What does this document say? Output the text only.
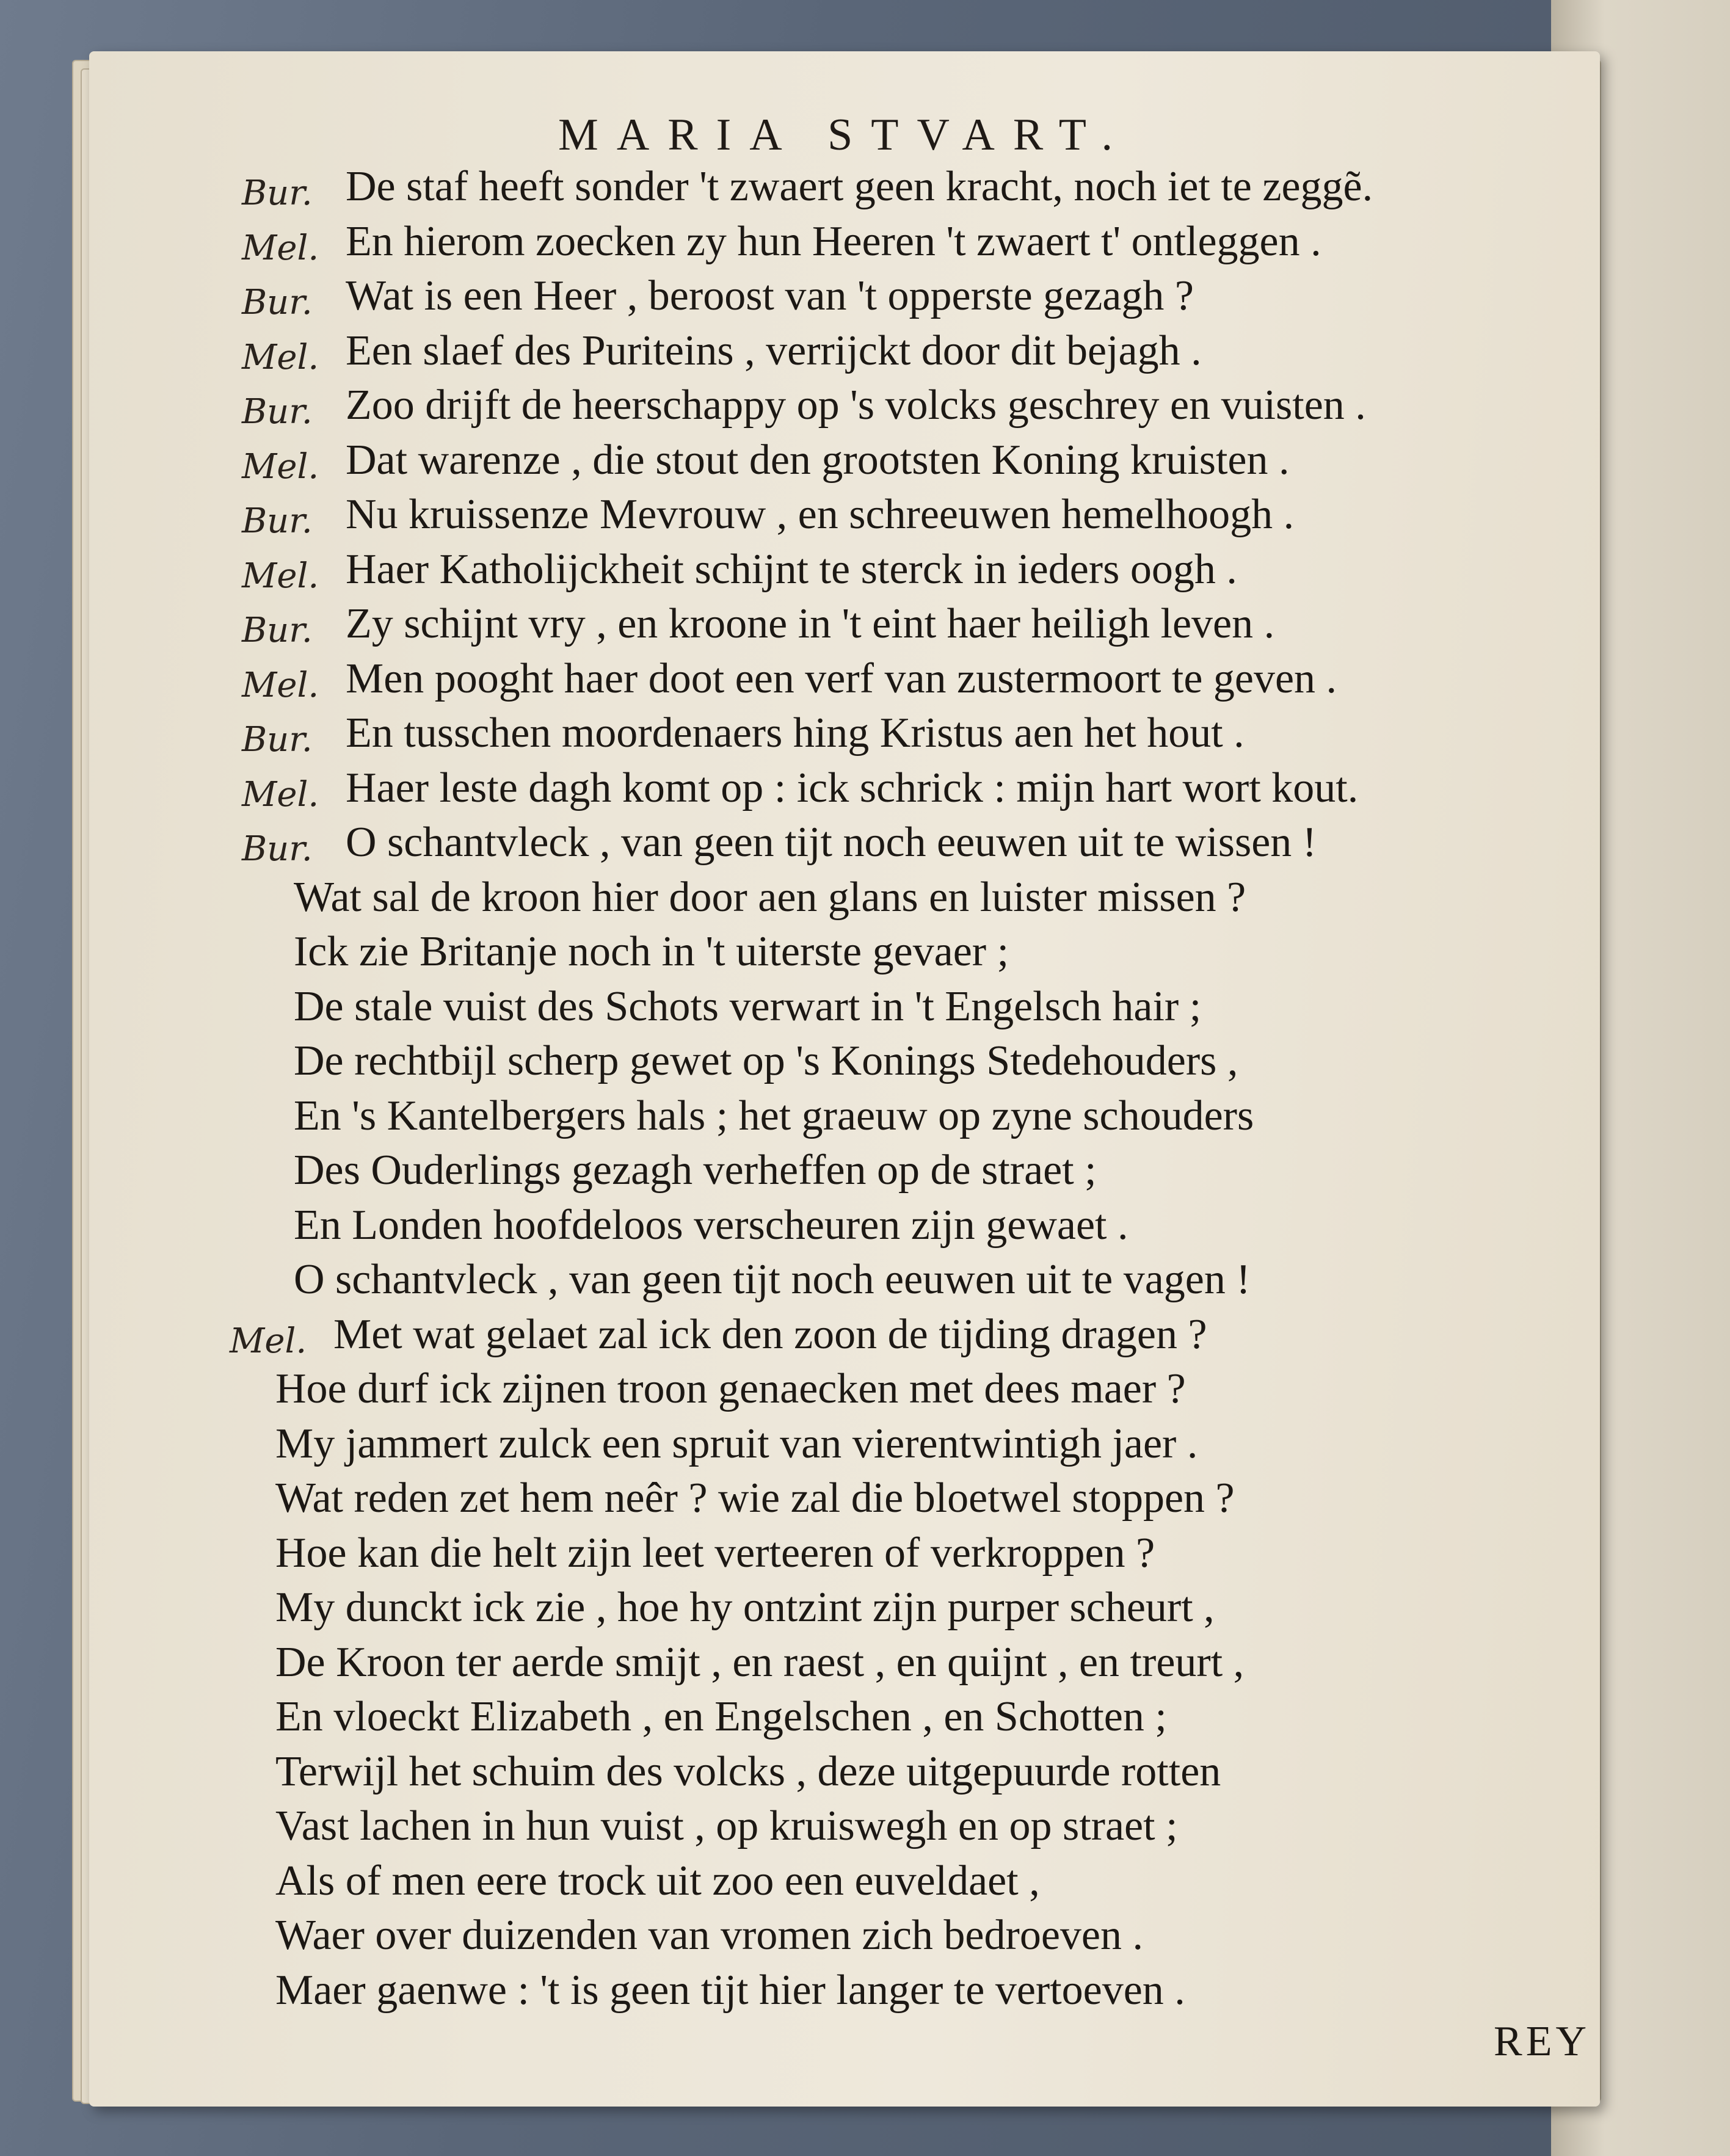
MARIA STVART.
Bur. De staf heeft sonder 't zwaert geen kracht, noch iet te zeggẽ.
Mel. En hierom zoecken zy hun Heeren 't zwaert t' ontleggen .
Bur. Wat is een Heer , beroost van 't opperste gezagh ?
Mel. Een slaef des Puriteins , verrijckt door dit bejagh .
Bur. Zoo drijft de heerschappy op 's volcks geschrey en vuisten .
Mel. Dat warenze , die stout den grootsten Koning kruisten .
Bur. Nu kruissenze Mevrouw , en schreeuwen hemelhoogh .
Mel. Haer Katholijckheit schijnt te sterck in ieders oogh .
Bur. Zy schijnt vry , en kroone in 't eint haer heiligh leven .
Mel. Men pooght haer doot een verf van zustermoort te geven .
Bur. En tusschen moordenaers hing Kristus aen het hout .
Mel. Haer leste dagh komt op : ick schrick : mijn hart wort kout.
Bur. O schantvleck , van geen tijt noch eeuwen uit te wissen !
Wat sal de kroon hier door aen glans en luister missen ?
Ick zie Britanje noch in 't uiterste gevaer ;
De stale vuist des Schots verwart in 't Engelsch hair ;
De rechtbijl scherp gewet op 's Konings Stedehouders ,
En 's Kantelbergers hals ; het graeuw op zyne schouders
Des Ouderlings gezagh verheffen op de straet ;
En Londen hoofdeloos verscheuren zijn gewaet .
O schantvleck , van geen tijt noch eeuwen uit te vagen !
Mel. Met wat gelaet zal ick den zoon de tijding dragen ?
Hoe durf ick zijnen troon genaecken met dees maer ?
My jammert zulck een spruit van vierentwintigh jaer .
Wat reden zet hem neêr ? wie zal die bloetwel stoppen ?
Hoe kan die helt zijn leet verteeren of verkroppen ?
My dunckt ick zie , hoe hy ontzint zijn purper scheurt ,
De Kroon ter aerde smijt , en raest , en quijnt , en treurt ,
En vloeckt Elizabeth , en Engelschen , en Schotten ;
Terwijl het schuim des volcks , deze uitgepuurde rotten
Vast lachen in hun vuist , op kruiswegh en op straet ;
Als of men eere trock uit zoo een euveldaet ,
Waer over duizenden van vromen zich bedroeven .
Maer gaenwe : 't is geen tijt hier langer te vertoeven .
REY
